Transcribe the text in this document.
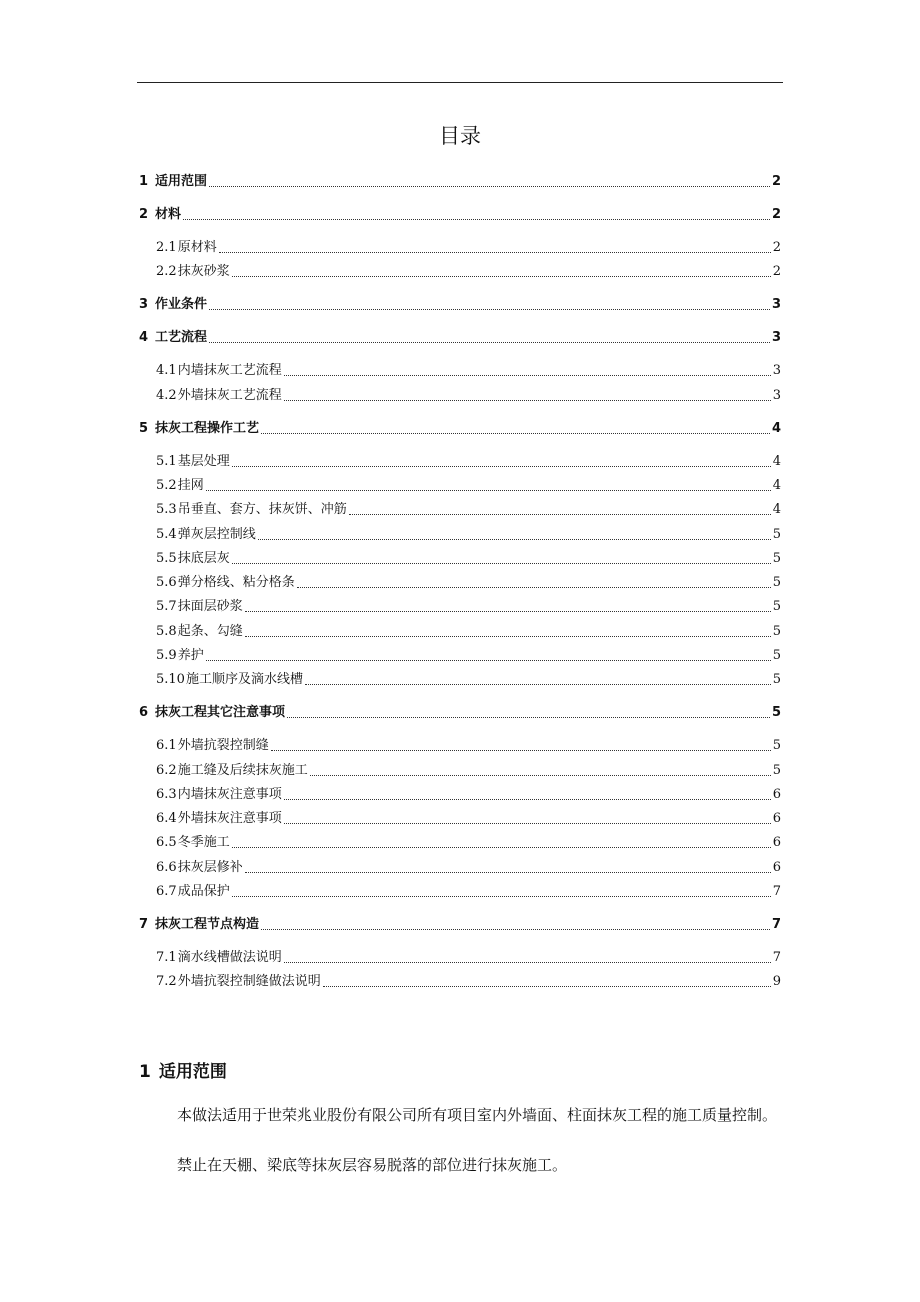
目录
1 适用范围	2
2 材料	2
2.1 原材料	2
2.2 抹灰砂浆	2
3 作业条件	3
4 工艺流程	3
4.1 内墙抹灰工艺流程	3
4.2 外墙抹灰工艺流程	3
5 抹灰工程操作工艺	4
5.1 基层处理	4
5.2 挂网	4
5.3 吊垂直、套方、抹灰饼、冲筋	4
5.4 弹灰层控制线	5
5.5 抹底层灰	5
5.6 弹分格线、粘分格条	5
5.7 抹面层砂浆	5
5.8 起条、勾缝	5
5.9 养护	5
5.10 施工顺序及滴水线槽	5
6 抹灰工程其它注意事项	5
6.1 外墙抗裂控制缝	5
6.2 施工缝及后续抹灰施工	5
6.3 内墙抹灰注意事项	6
6.4 外墙抹灰注意事项	6
6.5 冬季施工	6
6.6 抹灰层修补	6
6.7 成品保护	7
7 抹灰工程节点构造	7
7.1 滴水线槽做法说明	7
7.2 外墙抗裂控制缝做法说明	9
1 适用范围
本做法适用于世荣兆业股份有限公司所有项目室内外墙面、柱面抹灰工程的施工质量控制。
禁止在天棚、梁底等抹灰层容易脱落的部位进行抹灰施工。
